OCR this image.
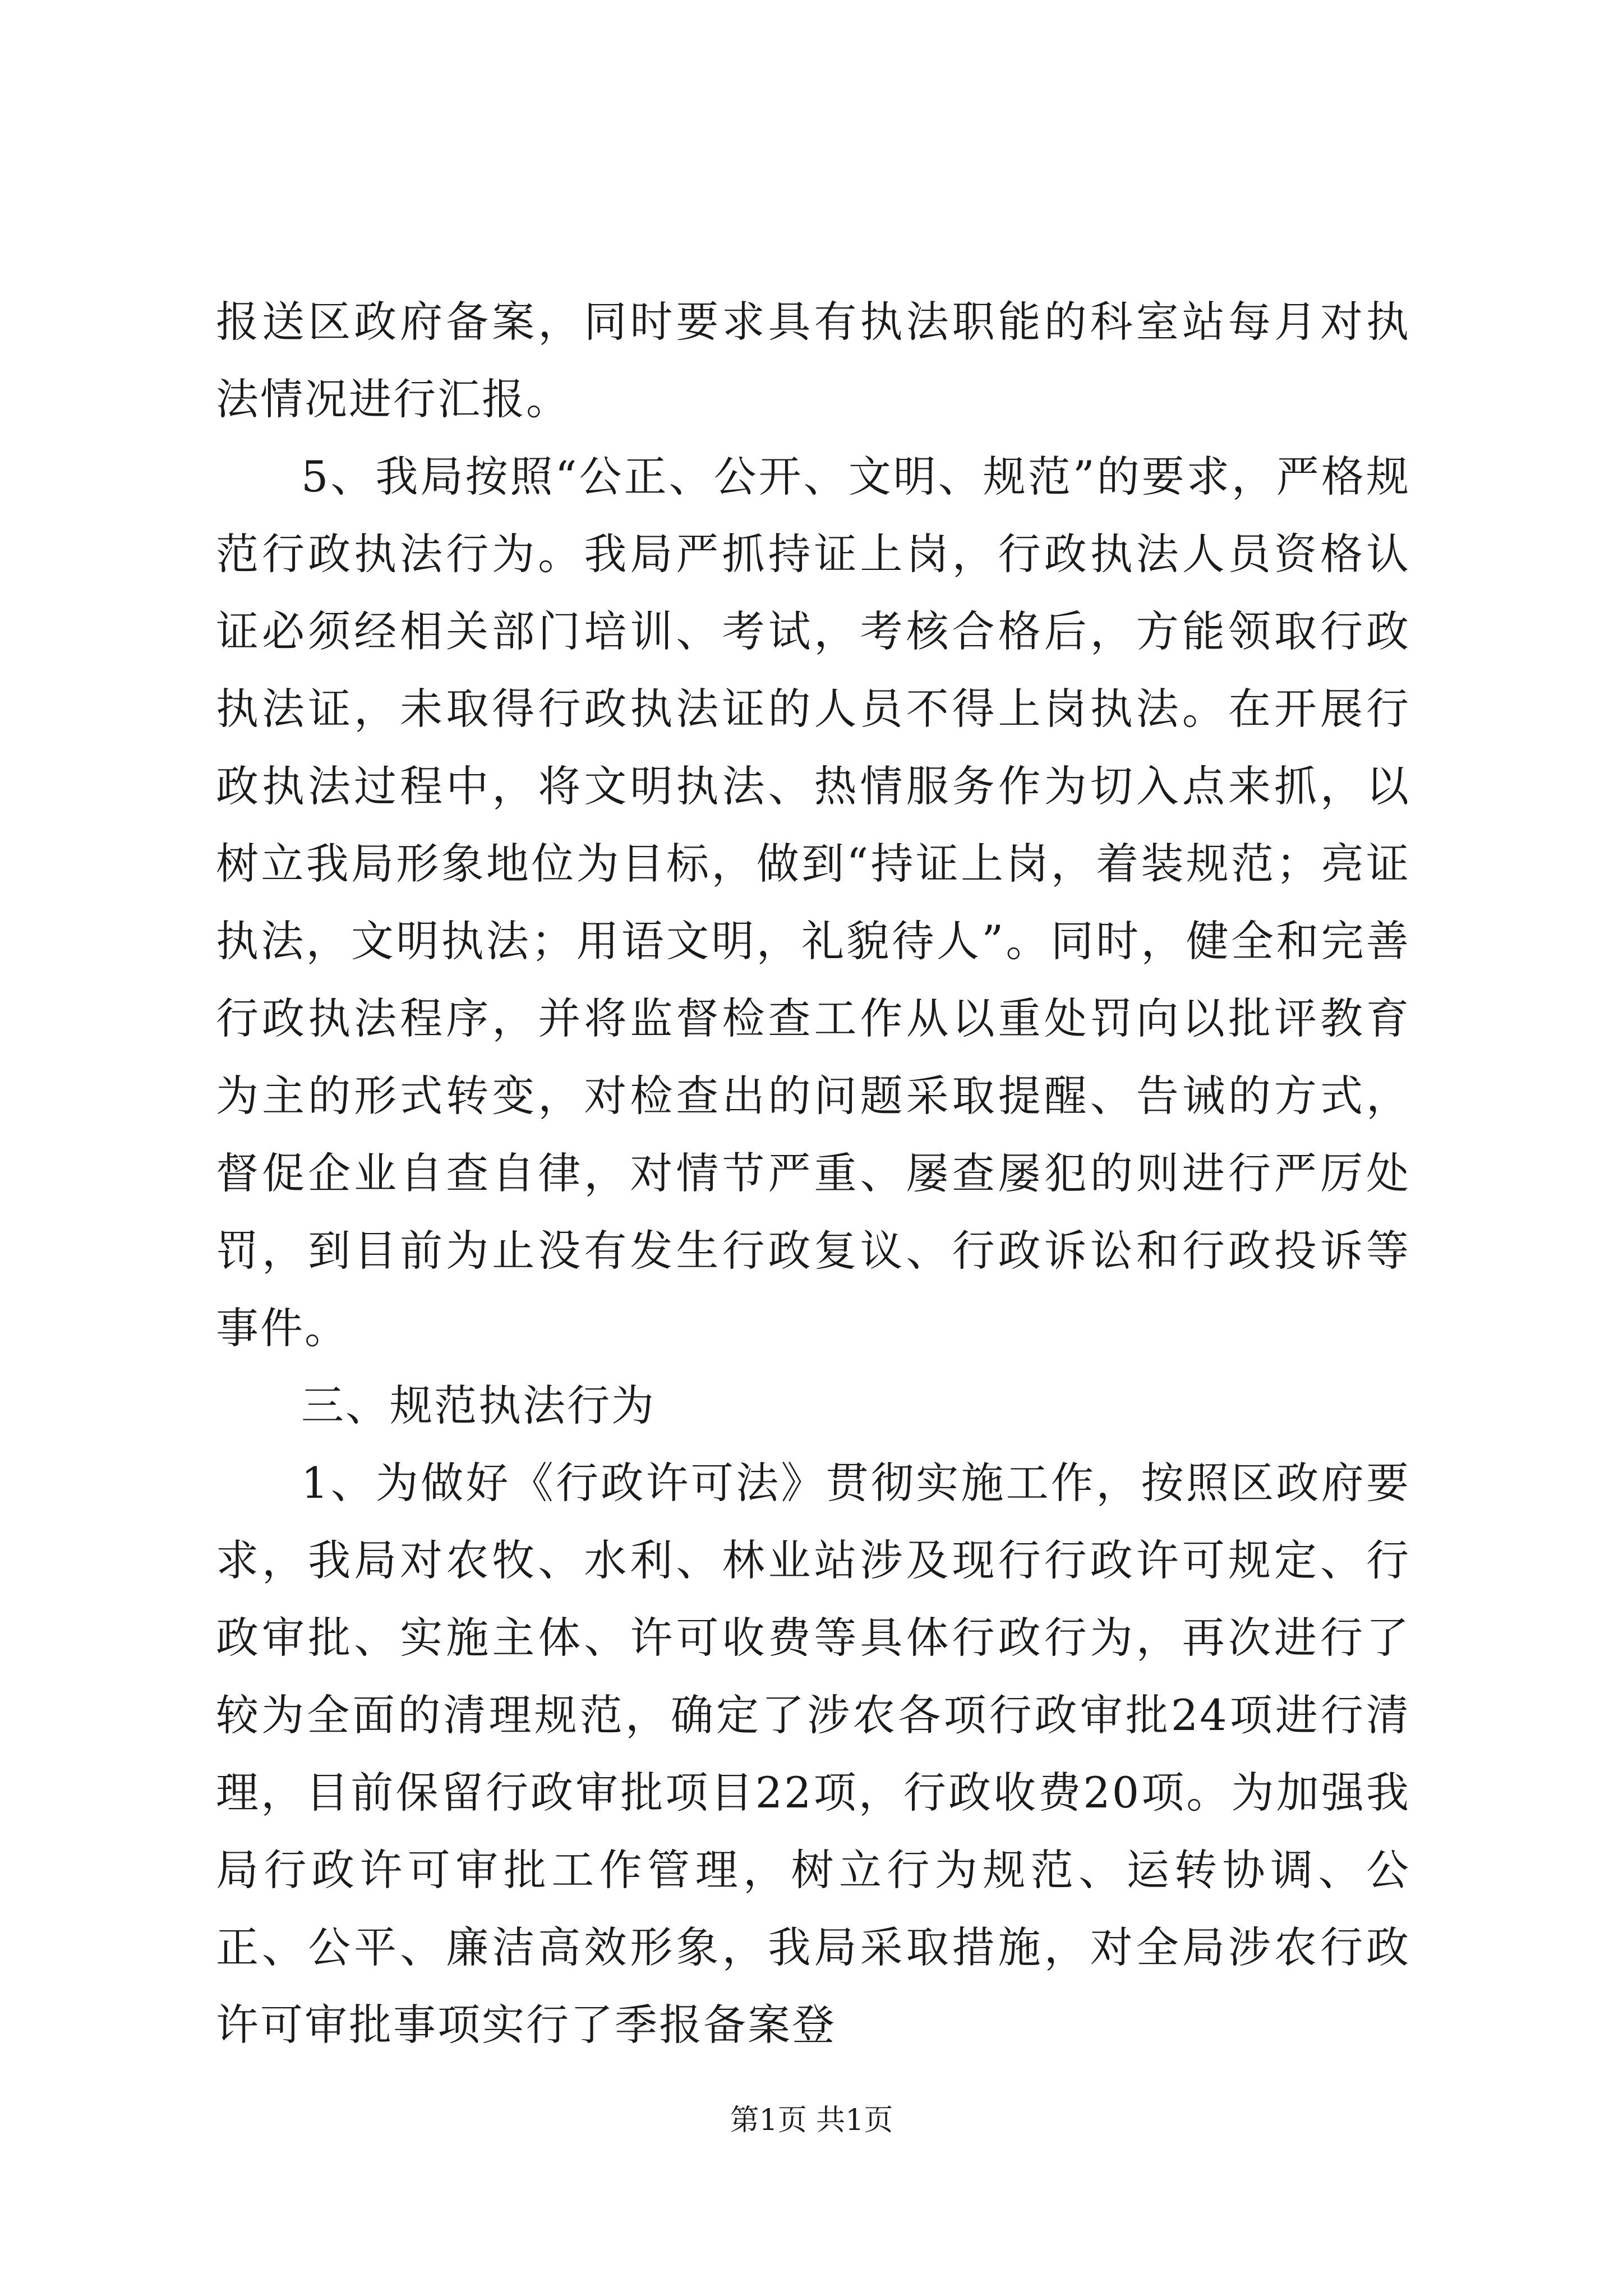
报送区政府备案，同时要求具有执法职能的科室站每月对执法情况进行汇报。

5、我局按照“公正、公开、文明、规范”的要求，严格规范行政执法行为。我局严抓持证上岗，行政执法人员资格认证必须经相关部门培训、考试，考核合格后，方能领取行政执法证，未取得行政执法证的人员不得上岗执法。在开展行政执法过程中，将文明执法、热情服务作为切入点来抓，以树立我局形象地位为目标，做到“持证上岗，着装规范；亮证执法，文明执法；用语文明，礼貌待人”。同时，健全和完善行政执法程序，并将监督检查工作从以重处罚向以批评教育为主的形式转变，对检查出的问题采取提醒、告诫的方式，督促企业自查自律，对情节严重、屡查屡犯的则进行严厉处罚，到目前为止没有发生行政复议、行政诉讼和行政投诉等事件。

三、规范执法行为

1、为做好《行政许可法》贯彻实施工作，按照区政府要求，我局对农牧、水利、林业站涉及现行行政许可规定、行政审批、实施主体、许可收费等具体行政行为，再次进行了较为全面的清理规范，确定了涉农各项行政审批24项进行清理，目前保留行政审批项目22项，行政收费20项。为加强我局行政许可审批工作管理，树立行为规范、运转协调、公正、公平、廉洁高效形象，我局采取措施，对全局涉农行政许可审批事项实行了季报备案登

第1页 共1页
